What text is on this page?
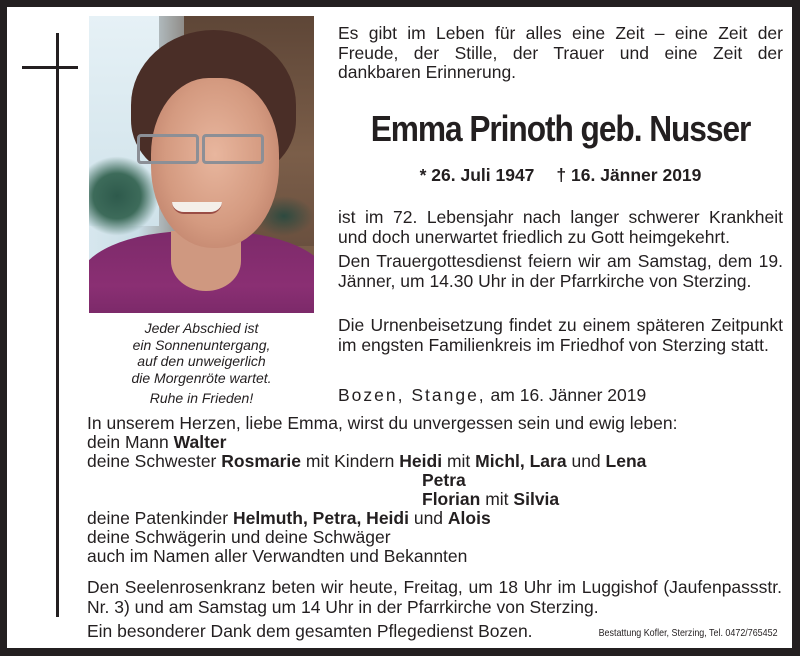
Jeder Abschied ist
ein Sonnenuntergang,
auf den unweigerlich
die Morgenröte wartet.
Ruhe in Frieden!
Es gibt im Leben für alles eine Zeit – eine Zeit der Freude, der Stille, der Trauer und eine Zeit der dankbaren Erinnerung.
Emma Prinoth geb. Nusser
* 26. Juli 1947 † 16. Jänner 2019
ist im 72. Lebensjahr nach langer schwerer Krankheit und doch unerwartet friedlich zu Gott heimgekehrt.
Den Trauergottesdienst feiern wir am Samstag, dem 19. Jänner, um 14.30 Uhr in der Pfarrkirche von Sterzing.
Die Urnenbeisetzung findet zu einem späteren Zeitpunkt im engsten Familienkreis im Friedhof von Sterzing statt.
Bozen, Stange, am 16. Jänner 2019
In unserem Herzen, liebe Emma, wirst du unvergessen sein und ewig leben:
dein Mann Walter
deine Schwester Rosmarie mit Kindern Heidi mit Michl, Lara und Lena
Petra
Florian mit Silvia
deine Patenkinder Helmuth, Petra, Heidi und Alois
deine Schwägerin und deine Schwäger
auch im Namen aller Verwandten und Bekannten
Den Seelenrosenkranz beten wir heute, Freitag, um 18 Uhr im Luggishof (Jaufenpassstr. Nr. 3) und am Samstag um 14 Uhr in der Pfarrkirche von Sterzing.
Ein besonderer Dank dem gesamten Pflegedienst Bozen.	Bestattung Kofler, Sterzing, Tel. 0472/765452
